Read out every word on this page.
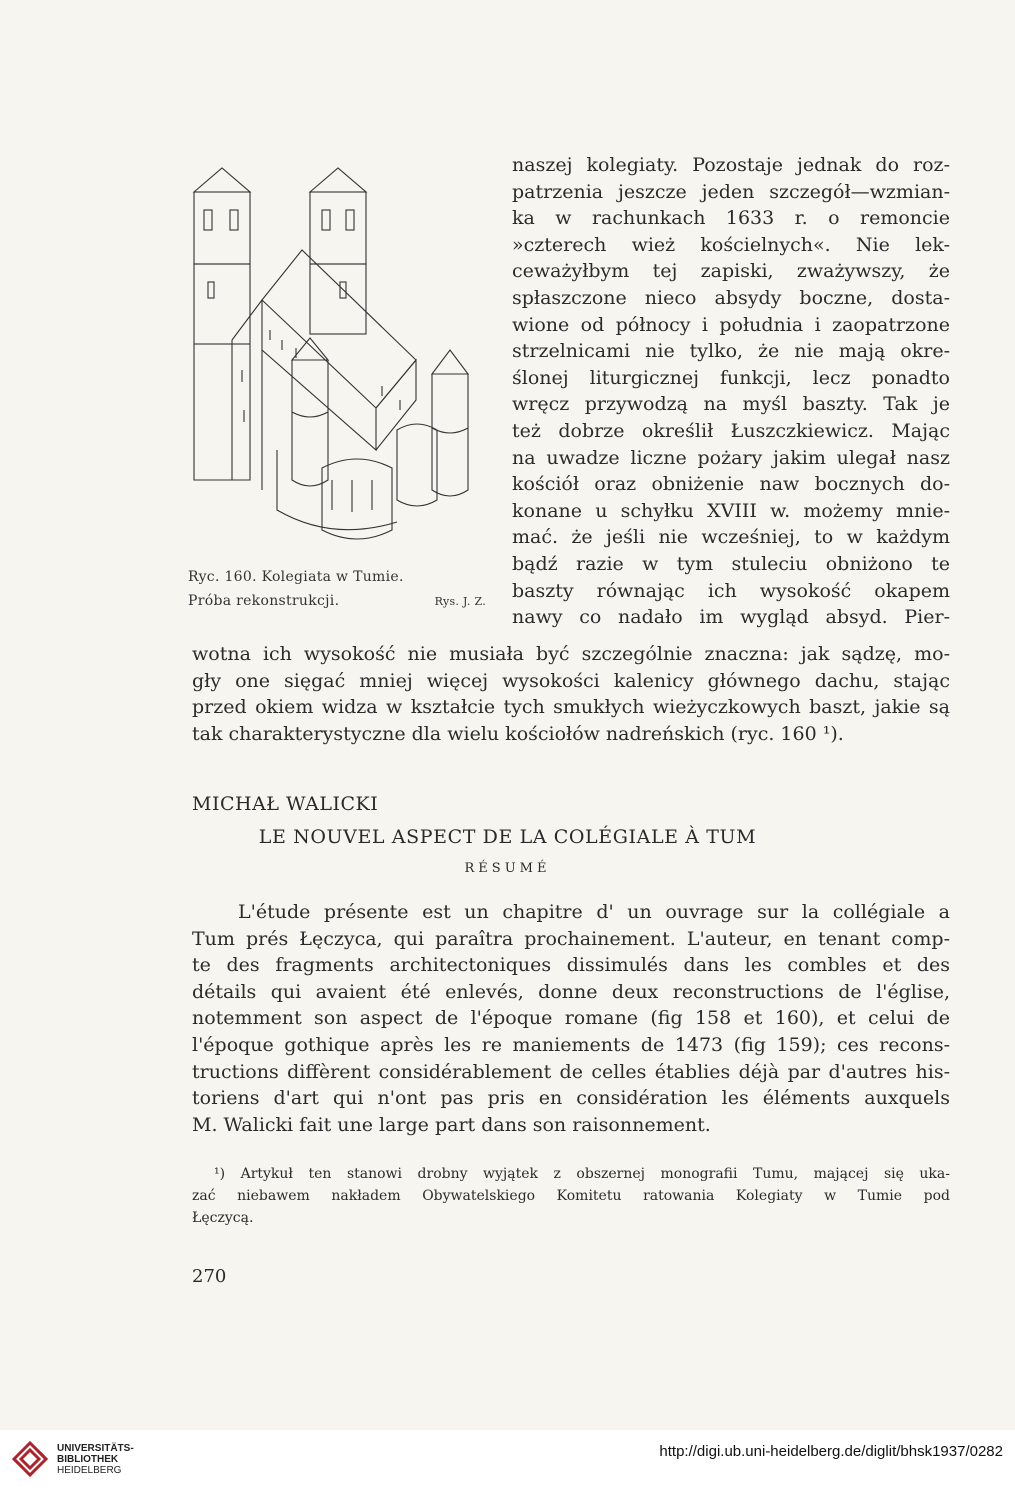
Ryc. 160. Kolegiata w Tumie.
Próba rekonstrukcji.	Rys. J. Z.
naszej kolegiaty. Pozostaje jednak do roz-
patrzenia jeszcze jeden szczegół—wzmian-
ka w rachunkach 1633 r. o remoncie
»czterech wież kościelnych«. Nie lek-
ceważyłbym tej zapiski, zważywszy, że
spłaszczone nieco absydy boczne, dosta-
wione od północy i południa i zaopatrzone
strzelnicami nie tylko, że nie mają okre-
ślonej liturgicznej funkcji, lecz ponadto
wręcz przywodzą na myśl baszty. Tak je
też dobrze określił Łuszczkiewicz. Mając
na uwadze liczne pożary jakim ulegał nasz
kościół oraz obniżenie naw bocznych do-
konane u schyłku XVIII w. możemy mnie-
mać. że jeśli nie wcześniej, to w każdym
bądź razie w tym stuleciu obniżono te
baszty równając ich wysokość okapem
nawy co nadało im wygląd absyd. Pier-
wotna ich wysokość nie musiała być szczególnie znaczna: jak sądzę, mo-
gły one sięgać mniej więcej wysokości kalenicy głównego dachu, stając
przed okiem widza w kształcie tych smukłych wieżyczkowych baszt, jakie są
tak charakterystyczne dla wielu kościołów nadreńskich (ryc. 160 ¹).
MICHAŁ WALICKI
LE NOUVEL ASPECT DE LA COLÉGIALE À TUM
RÉSUMÉ
L'étude présente est un chapitre d' un ouvrage sur la collégiale a
Tum prés Łęczyca, qui paraîtra prochainement. L'auteur, en tenant comp-
te des fragments architectoniques dissimulés dans les combles et des
détails qui avaient été enlevés, donne deux reconstructions de l'église,
notemment son aspect de l'époque romane (fig 158 et 160), et celui de
l'époque gothique après les re maniements de 1473 (fig 159); ces recons-
tructions diffèrent considérablement de celles établies déjà par d'autres his-
toriens d'art qui n'ont pas pris en considération les éléments auxquels
M. Walicki fait une large part dans son raisonnement.
¹) Artykuł ten stanowi drobny wyjątek z obszernej monografii Tumu, mającej się uka-
zać niebawem nakładem Obywatelskiego Komitetu ratowania Kolegiaty w Tumie pod
Łęczycą.
270
UNIVERSITÄTS-
BIBLIOTHEK
HEIDELBERG
http://digi.ub.uni-heidelberg.de/diglit/bhsk1937/0282
